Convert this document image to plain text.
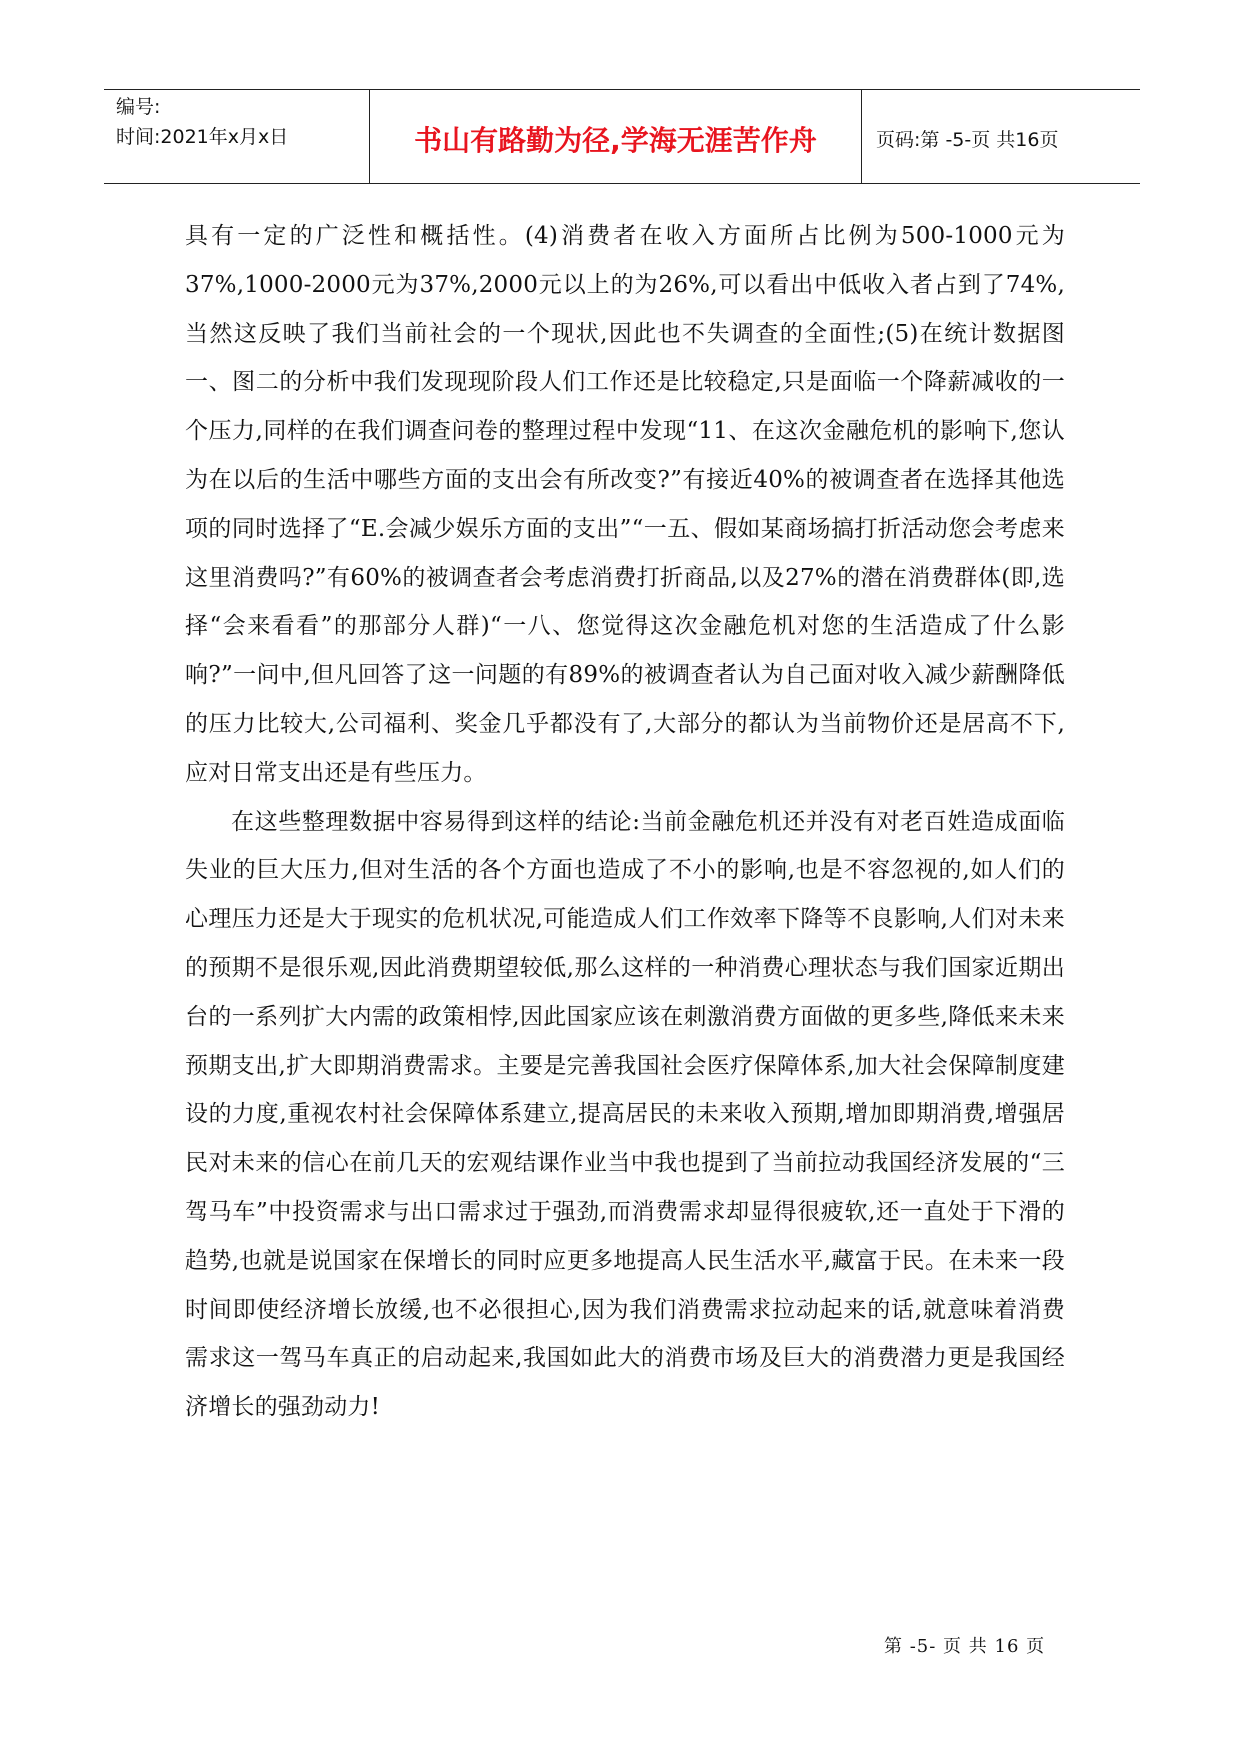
编号:
时间:2021年x月x日	书山有路勤为径,学海无涯苦作舟	页码:第 -5-页 共16页

具有一定的广泛性和概括性。(4)消费者在收入方面所占比例为500-1000元为37%,1000-2000元为37%,2000元以上的为26%,可以看出中低收入者占到了74%,当然这反映了我们当前社会的一个现状,因此也不失调查的全面性;(5)在统计数据图一、图二的分析中我们发现现阶段人们工作还是比较稳定,只是面临一个降薪减收的一个压力,同样的在我们调查问卷的整理过程中发现“11、在这次金融危机的影响下,您认为在以后的生活中哪些方面的支出会有所改变?”有接近40%的被调查者在选择其他选项的同时选择了“E.会减少娱乐方面的支出”“一五、假如某商场搞打折活动您会考虑来这里消费吗?”有60%的被调查者会考虑消费打折商品,以及27%的潜在消费群体(即,选择“会来看看”的那部分人群)“一八、您觉得这次金融危机对您的生活造成了什么影响?”一问中,但凡回答了这一问题的有89%的被调查者认为自己面对收入减少薪酬降低的压力比较大,公司福利、奖金几乎都没有了,大部分的都认为当前物价还是居高不下,应对日常支出还是有些压力。

在这些整理数据中容易得到这样的结论:当前金融危机还并没有对老百姓造成面临失业的巨大压力,但对生活的各个方面也造成了不小的影响,也是不容忽视的,如人们的心理压力还是大于现实的危机状况,可能造成人们工作效率下降等不良影响,人们对未来的预期不是很乐观,因此消费期望较低,那么这样的一种消费心理状态与我们国家近期出台的一系列扩大内需的政策相悖,因此国家应该在刺激消费方面做的更多些,降低来未来预期支出,扩大即期消费需求。主要是完善我国社会医疗保障体系,加大社会保障制度建设的力度,重视农村社会保障体系建立,提高居民的未来收入预期,增加即期消费,增强居民对未来的信心在前几天的宏观结课作业当中我也提到了当前拉动我国经济发展的“三驾马车”中投资需求与出口需求过于强劲,而消费需求却显得很疲软,还一直处于下滑的趋势,也就是说国家在保增长的同时应更多地提高人民生活水平,藏富于民。在未来一段时间即使经济增长放缓,也不必很担心,因为我们消费需求拉动起来的话,就意味着消费需求这一驾马车真正的启动起来,我国如此大的消费市场及巨大的消费潜力更是我国经济增长的强劲动力!

第 -5- 页 共 16 页
